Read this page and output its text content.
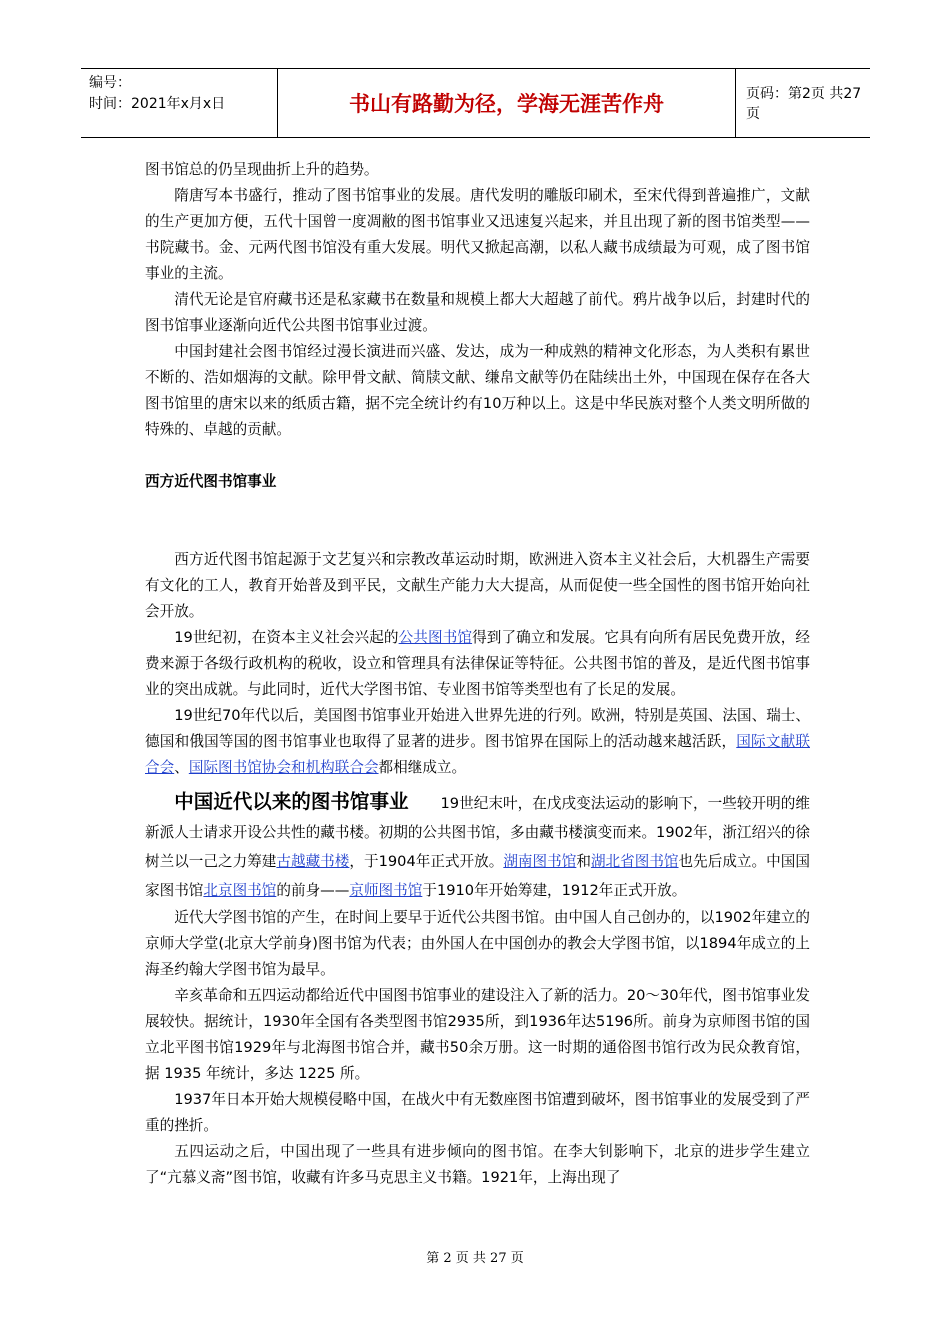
编号：
时间：2021年x月x日	书山有路勤为径，学海无涯苦作舟	页码：第2页 共27页

图书馆总的仍呈现曲折上升的趋势。

隋唐写本书盛行，推动了图书馆事业的发展。唐代发明的雕版印刷术，至宋代得到普遍推广，文献的生产更加方便，五代十国曾一度凋敝的图书馆事业又迅速复兴起来，并且出现了新的图书馆类型——书院藏书。金、元两代图书馆没有重大发展。明代又掀起高潮，以私人藏书成绩最为可观，成了图书馆事业的主流。

清代无论是官府藏书还是私家藏书在数量和规模上都大大超越了前代。鸦片战争以后，封建时代的图书馆事业逐渐向近代公共图书馆事业过渡。

中国封建社会图书馆经过漫长演进而兴盛、发达，成为一种成熟的精神文化形态，为人类积有累世不断的、浩如烟海的文献。除甲骨文献、简牍文献、缣帛文献等仍在陆续出土外，中国现在保存在各大图书馆里的唐宋以来的纸质古籍，据不完全统计约有10万种以上。这是中华民族对整个人类文明所做的特殊的、卓越的贡献。

西方近代图书馆事业

西方近代图书馆起源于文艺复兴和宗教改革运动时期，欧洲进入资本主义社会后，大机器生产需要有文化的工人，教育开始普及到平民，文献生产能力大大提高，从而促使一些全国性的图书馆开始向社会开放。

19世纪初，在资本主义社会兴起的公共图书馆得到了确立和发展。它具有向所有居民免费开放，经费来源于各级行政机构的税收，设立和管理具有法律保证等特征。公共图书馆的普及，是近代图书馆事业的突出成就。与此同时，近代大学图书馆、专业图书馆等类型也有了长足的发展。

19世纪70年代以后，美国图书馆事业开始进入世界先进的行列。欧洲，特别是英国、法国、瑞士、德国和俄国等国的图书馆事业也取得了显著的进步。图书馆界在国际上的活动越来越活跃，国际文献联合会、国际图书馆协会和机构联合会都相继成立。

中国近代以来的图书馆事业 19世纪末叶，在戊戌变法运动的影响下，一些较开明的维新派人士请求开设公共性的藏书楼。初期的公共图书馆，多由藏书楼演变而来。1902年，浙江绍兴的徐树兰以一己之力筹建古越藏书楼，于1904年正式开放。湖南图书馆和湖北省图书馆也先后成立。中国国家图书馆北京图书馆的前身——京师图书馆于1910年开始筹建，1912年正式开放。

近代大学图书馆的产生，在时间上要早于近代公共图书馆。由中国人自己创办的，以1902年建立的京师大学堂(北京大学前身)图书馆为代表；由外国人在中国创办的教会大学图书馆，以1894年成立的上海圣约翰大学图书馆为最早。

辛亥革命和五四运动都给近代中国图书馆事业的建设注入了新的活力。20～30年代，图书馆事业发展较快。据统计，1930年全国有各类型图书馆2935所，到1936年达5196所。前身为京师图书馆的国立北平图书馆1929年与北海图书馆合并，藏书50余万册。这一时期的通俗图书馆行改为民众教育馆，据 1935 年统计，多达 1225 所。

1937年日本开始大规模侵略中国，在战火中有无数座图书馆遭到破坏，图书馆事业的发展受到了严重的挫折。

五四运动之后，中国出现了一些具有进步倾向的图书馆。在李大钊影响下，北京的进步学生建立了“亢慕义斋”图书馆，收藏有许多马克思主义书籍。1921年，上海出现了

第 2 页 共 27 页
